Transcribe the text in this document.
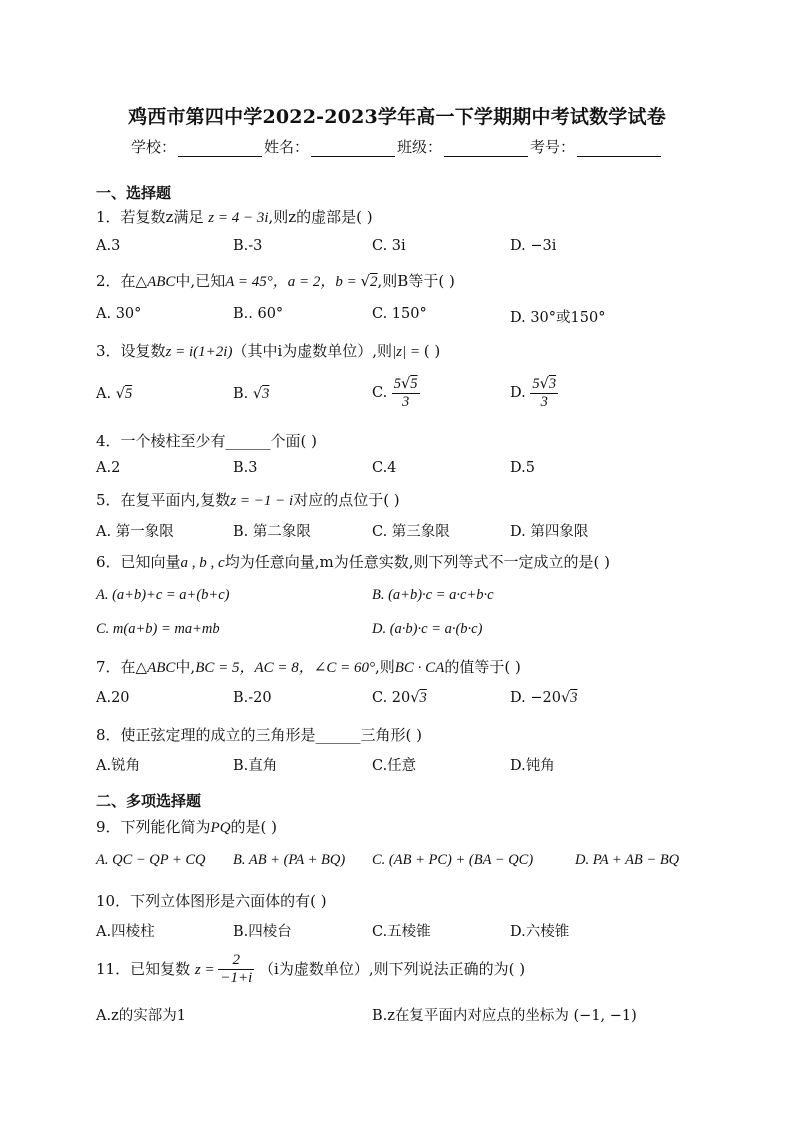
鸡西市第四中学2022-2023学年高一下学期期中考试数学试卷
学校：	姓名：	班级：	考号：
一、选择题
1．若复数z满足 z = 4 − 3i,则z的虚部是( )
A.3	B.-3	C. 3i	D. −3i
2．在△ABC中,已知A = 45°，a = 2，b = √2,则B等于( )
A. 30°	B.. 60°	C. 150°	D. 30°或150°
3．设复数z = i(1+2i)（其中i为虚数单位）,则|z| = ( )
A. √5	B. √3	C. $\frac{5√5}{3}$	D. $\frac{5√3}{3}$
4．一个棱柱至少有______个面( )
A.2	B.3	C.4	D.5
5．在复平面内,复数z = −1 − i对应的点位于( )
A. 第一象限	B. 第二象限	C. 第三象限	D. 第四象限
6．已知向量a , b , c均为任意向量,m为任意实数,则下列等式不一定成立的是( )
A. (a+b)+c = a+(b+c)	B. (a+b)·c = a·c+b·c
C. m(a+b) = ma+mb	D. (a·b)·c = a·(b·c)
7．在△ABC中,BC = 5，AC = 8，∠C = 60°,则BC · CA的值等于( )
A.20	B.-20	C. 20√3	D. −20√3
8．使正弦定理的成立的三角形是______三角形( )
A.锐角	B.直角	C.任意	D.钝角
二、多项选择题
9．下列能化简为PQ的是( )
A. QC − QP + CQ B. AB + (PA + BQ) C. (AB + PC) + (BA − QC)	D. PA + AB − BQ
10．下列立体图形是六面体的有( )
A.四棱柱	B.四棱台	C.五棱锥	D.六棱锥
11．已知复数 $z = \frac{2}{-1+i} (i$为虚数单位）,则下列说法正确的为( )
A.z的实部为1	B.z在复平面内对应点的坐标为 (−1, −1)
